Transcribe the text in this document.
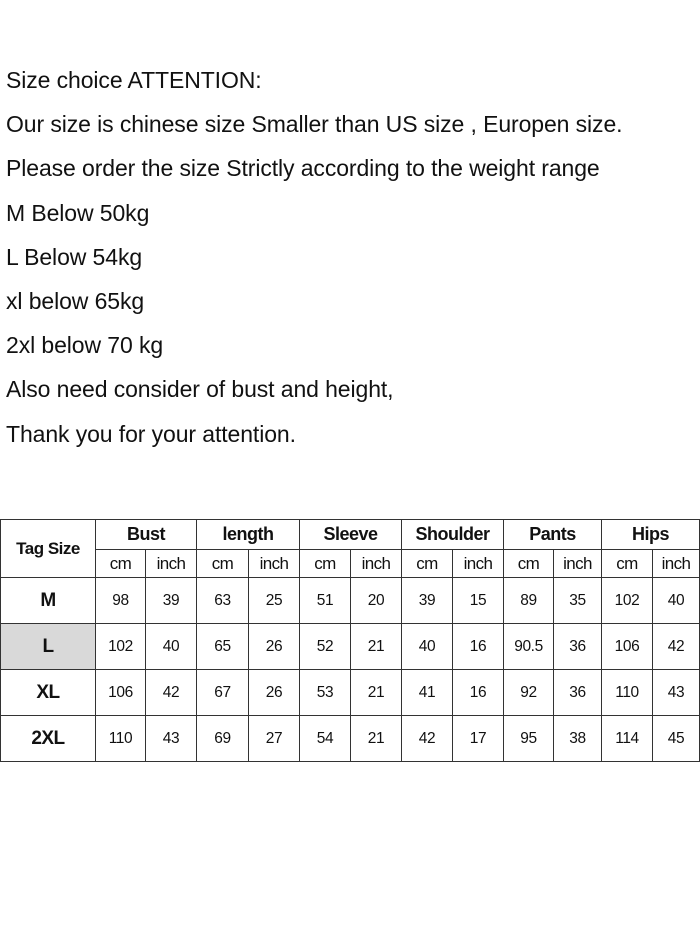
Size choice ATTENTION:
Our size is chinese size Smaller than US size , Europen size.
Please order the size Strictly according to the weight range
M Below 50kg
L Below 54kg
xl below 65kg
2xl below 70 kg
Also need consider of bust and height,
Thank you for your attention.
Tag Size	Bust		length		Sleeve		Shoulder		Pants		Hips	
	cm	inch	cm	inch	cm	inch	cm	inch	cm	inch	cm	inch
M	98	39	63	25	51	20	39	15	89	35	102	40
L	102	40	65	26	52	21	40	16	90.5	36	106	42
XL	106	42	67	26	53	21	41	16	92	36	110	43
2XL	110	43	69	27	54	21	42	17	95	38	114	45
